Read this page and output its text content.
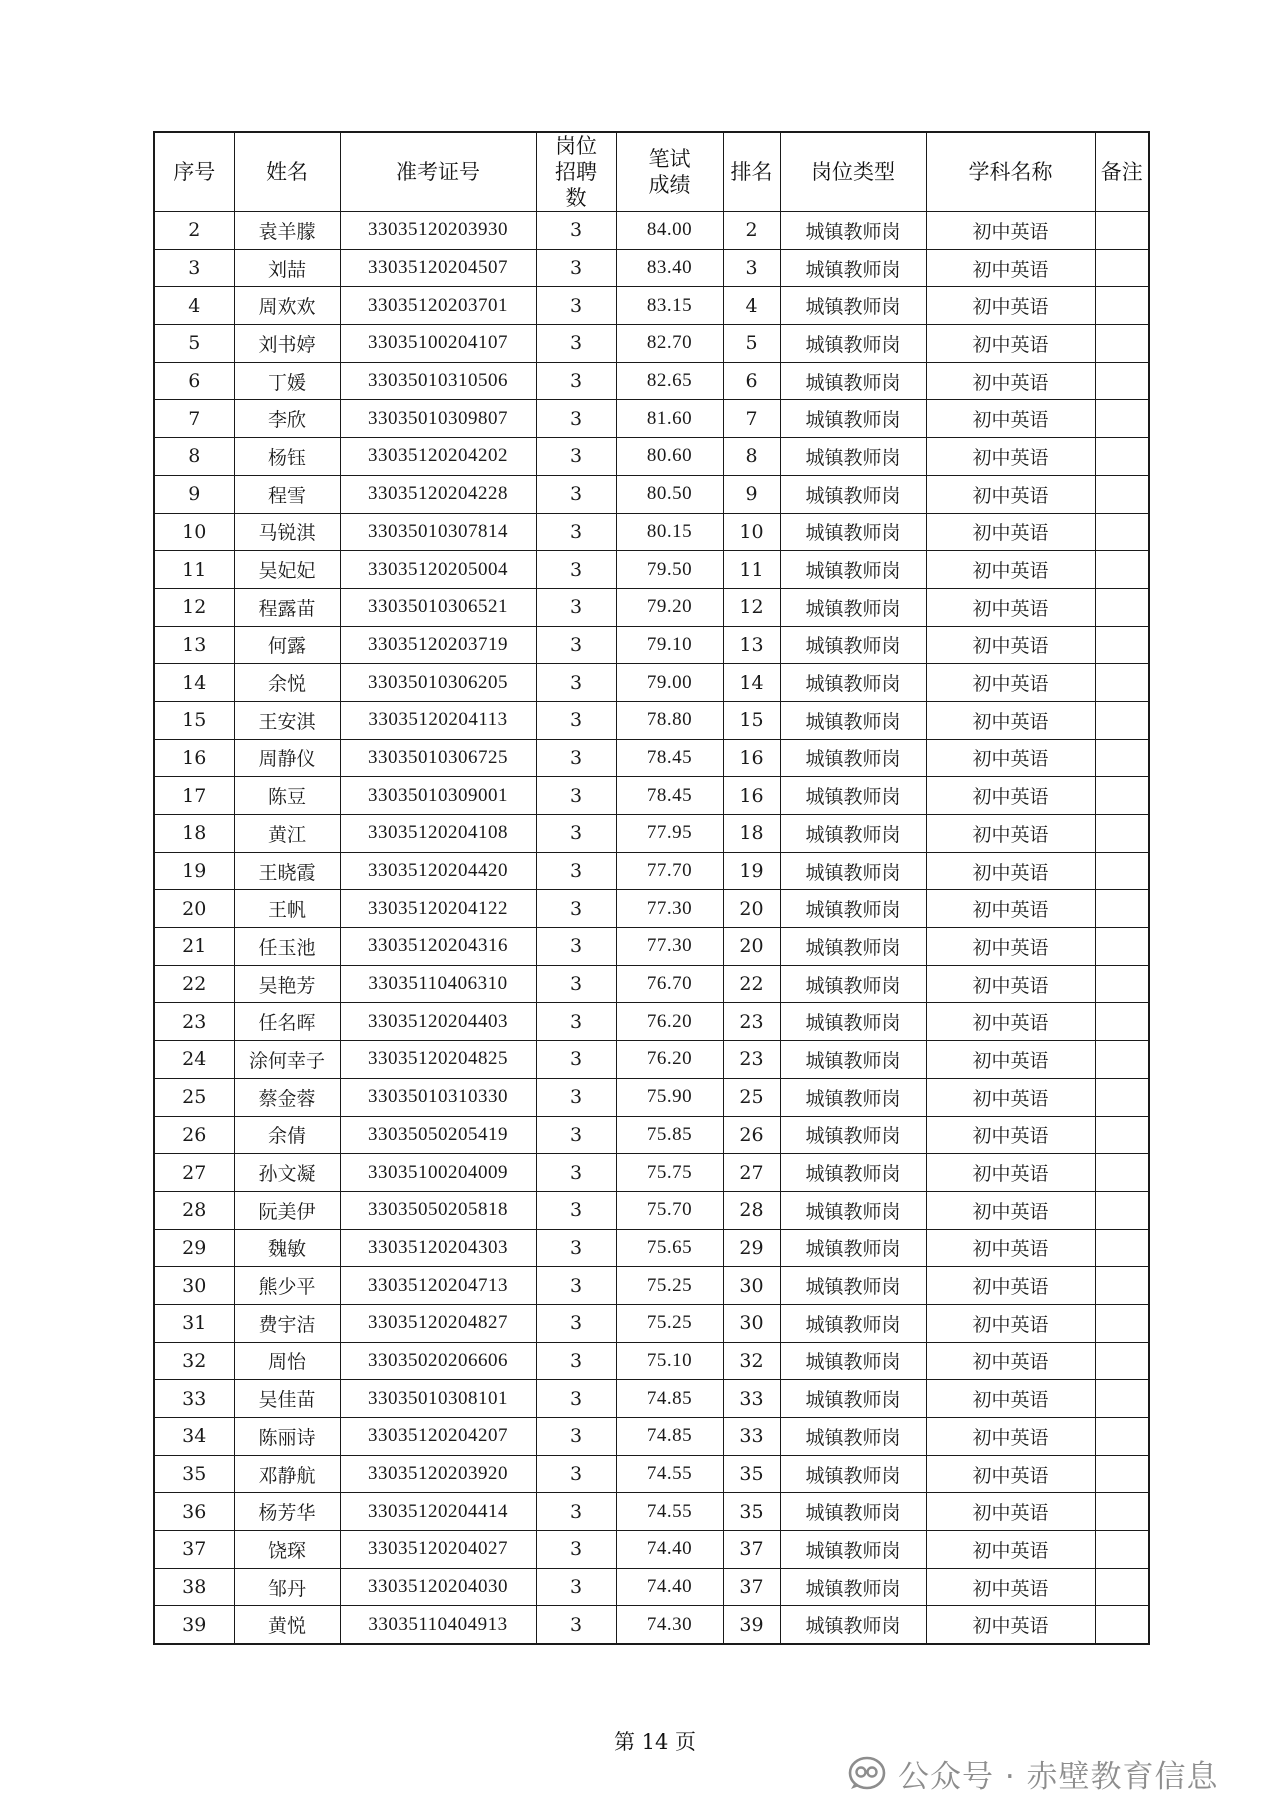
序号	姓名	准考证号	岗位招聘数	笔试成绩	排名	岗位类型	学科名称	备注
2	袁羊朦	33035120203930	3	84.00	2	城镇教师岗	初中英语	
3	刘喆	33035120204507	3	83.40	3	城镇教师岗	初中英语	
4	周欢欢	33035120203701	3	83.15	4	城镇教师岗	初中英语	
5	刘书婷	33035100204107	3	82.70	5	城镇教师岗	初中英语	
6	丁媛	33035010310506	3	82.65	6	城镇教师岗	初中英语	
7	李欣	33035010309807	3	81.60	7	城镇教师岗	初中英语	
8	杨钰	33035120204202	3	80.60	8	城镇教师岗	初中英语	
9	程雪	33035120204228	3	80.50	9	城镇教师岗	初中英语	
10	马锐淇	33035010307814	3	80.15	10	城镇教师岗	初中英语	
11	吴妃妃	33035120205004	3	79.50	11	城镇教师岗	初中英语	
12	程露苗	33035010306521	3	79.20	12	城镇教师岗	初中英语	
13	何露	33035120203719	3	79.10	13	城镇教师岗	初中英语	
14	余悦	33035010306205	3	79.00	14	城镇教师岗	初中英语	
15	王安淇	33035120204113	3	78.80	15	城镇教师岗	初中英语	
16	周静仪	33035010306725	3	78.45	16	城镇教师岗	初中英语	
17	陈豆	33035010309001	3	78.45	16	城镇教师岗	初中英语	
18	黄江	33035120204108	3	77.95	18	城镇教师岗	初中英语	
19	王晓霞	33035120204420	3	77.70	19	城镇教师岗	初中英语	
20	王帆	33035120204122	3	77.30	20	城镇教师岗	初中英语	
21	任玉池	33035120204316	3	77.30	20	城镇教师岗	初中英语	
22	吴艳芳	33035110406310	3	76.70	22	城镇教师岗	初中英语	
23	任名晖	33035120204403	3	76.20	23	城镇教师岗	初中英语	
24	涂何幸子	33035120204825	3	76.20	23	城镇教师岗	初中英语	
25	蔡金蓉	33035010310330	3	75.90	25	城镇教师岗	初中英语	
26	余倩	33035050205419	3	75.85	26	城镇教师岗	初中英语	
27	孙文凝	33035100204009	3	75.75	27	城镇教师岗	初中英语	
28	阮美伊	33035050205818	3	75.70	28	城镇教师岗	初中英语	
29	魏敏	33035120204303	3	75.65	29	城镇教师岗	初中英语	
30	熊少平	33035120204713	3	75.25	30	城镇教师岗	初中英语	
31	费宇洁	33035120204827	3	75.25	30	城镇教师岗	初中英语	
32	周怡	33035020206606	3	75.10	32	城镇教师岗	初中英语	
33	吴佳苗	33035010308101	3	74.85	33	城镇教师岗	初中英语	
34	陈丽诗	33035120204207	3	74.85	33	城镇教师岗	初中英语	
35	邓静航	33035120203920	3	74.55	35	城镇教师岗	初中英语	
36	杨芳华	33035120204414	3	74.55	35	城镇教师岗	初中英语	
37	饶琛	33035120204027	3	74.40	37	城镇教师岗	初中英语	
38	邹丹	33035120204030	3	74.40	37	城镇教师岗	初中英语	
39	黄悦	33035110404913	3	74.30	39	城镇教师岗	初中英语	
第 14 页
公众号 · 赤壁教育信息
